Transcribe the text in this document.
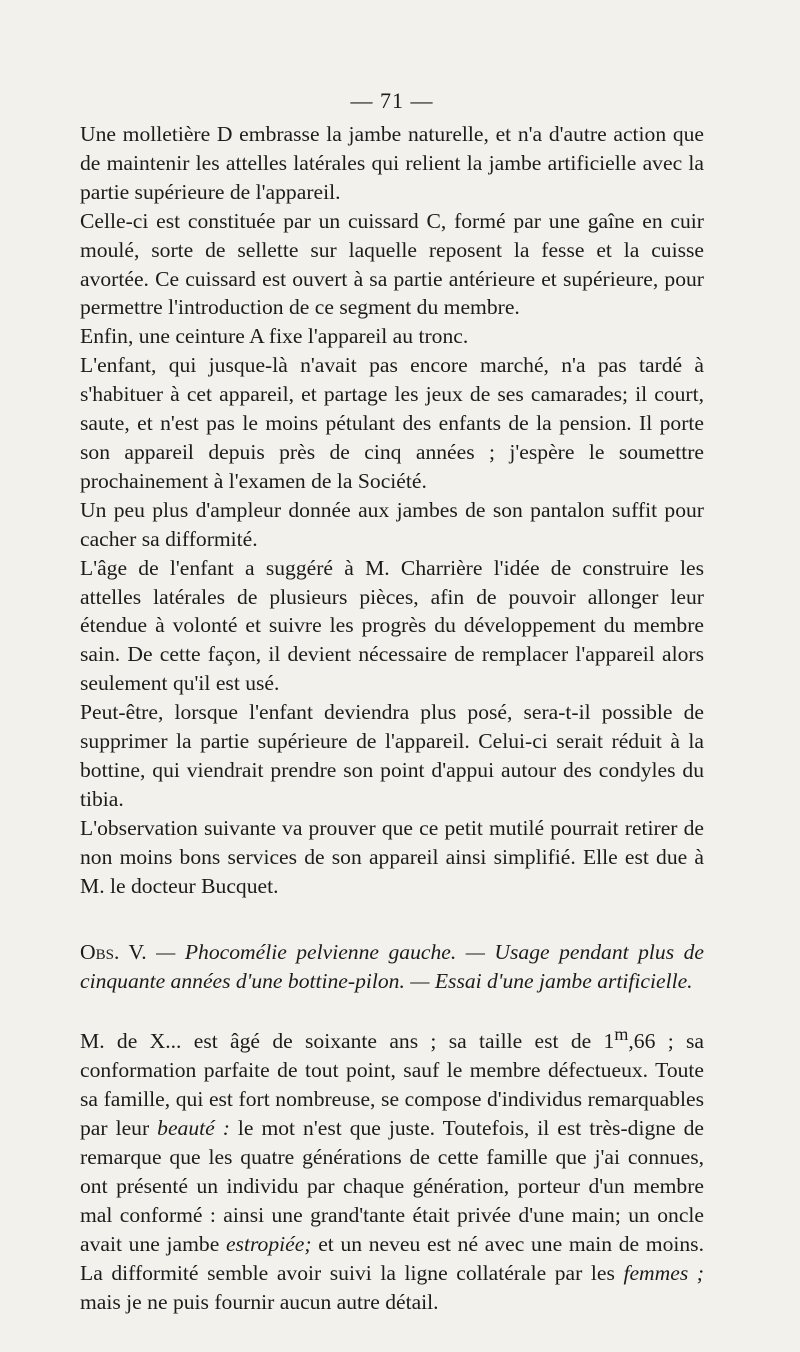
— 71 —

Une molletière D embrasse la jambe naturelle, et n'a d'autre action que de maintenir les attelles latérales qui relient la jambe artificielle avec la partie supérieure de l'appareil.

Celle-ci est constituée par un cuissard C, formé par une gaîne en cuir moulé, sorte de sellette sur laquelle reposent la fesse et la cuisse avortée. Ce cuissard est ouvert à sa partie antérieure et supérieure, pour permettre l'introduction de ce segment du membre.

Enfin, une ceinture A fixe l'appareil au tronc.

L'enfant, qui jusque-là n'avait pas encore marché, n'a pas tardé à s'habituer à cet appareil, et partage les jeux de ses camarades; il court, saute, et n'est pas le moins pétulant des enfants de la pension. Il porte son appareil depuis près de cinq années ; j'espère le soumettre prochainement à l'examen de la Société.

Un peu plus d'ampleur donnée aux jambes de son pantalon suffit pour cacher sa difformité.

L'âge de l'enfant a suggéré à M. Charrière l'idée de construire les attelles latérales de plusieurs pièces, afin de pouvoir allonger leur étendue à volonté et suivre les progrès du développement du membre sain. De cette façon, il devient nécessaire de remplacer l'appareil alors seulement qu'il est usé.

Peut-être, lorsque l'enfant deviendra plus posé, sera-t-il possible de supprimer la partie supérieure de l'appareil. Celui-ci serait réduit à la bottine, qui viendrait prendre son point d'appui autour des condyles du tibia.

L'observation suivante va prouver que ce petit mutilé pourrait retirer de non moins bons services de son appareil ainsi simplifié. Elle est due à M. le docteur Bucquet.

Obs. V. — Phocomélie pelvienne gauche. — Usage pendant plus de cinquante années d'une bottine-pilon. — Essai d'une jambe artificielle.

M. de X... est âgé de soixante ans ; sa taille est de 1$^m$,66 ; sa conformation parfaite de tout point, sauf le membre défectueux. Toute sa famille, qui est fort nombreuse, se compose d'individus remarquables par leur beauté : le mot n'est que juste. Toutefois, il est très-digne de remarque que les quatre générations de cette famille que j'ai connues, ont présenté un individu par chaque génération, porteur d'un membre mal conformé : ainsi une grand'tante était privée d'une main; un oncle avait une jambe estropiée; et un neveu est né avec une main de moins. La difformité semble avoir suivi la ligne collatérale par les femmes ; mais je ne puis fournir aucun autre détail.
